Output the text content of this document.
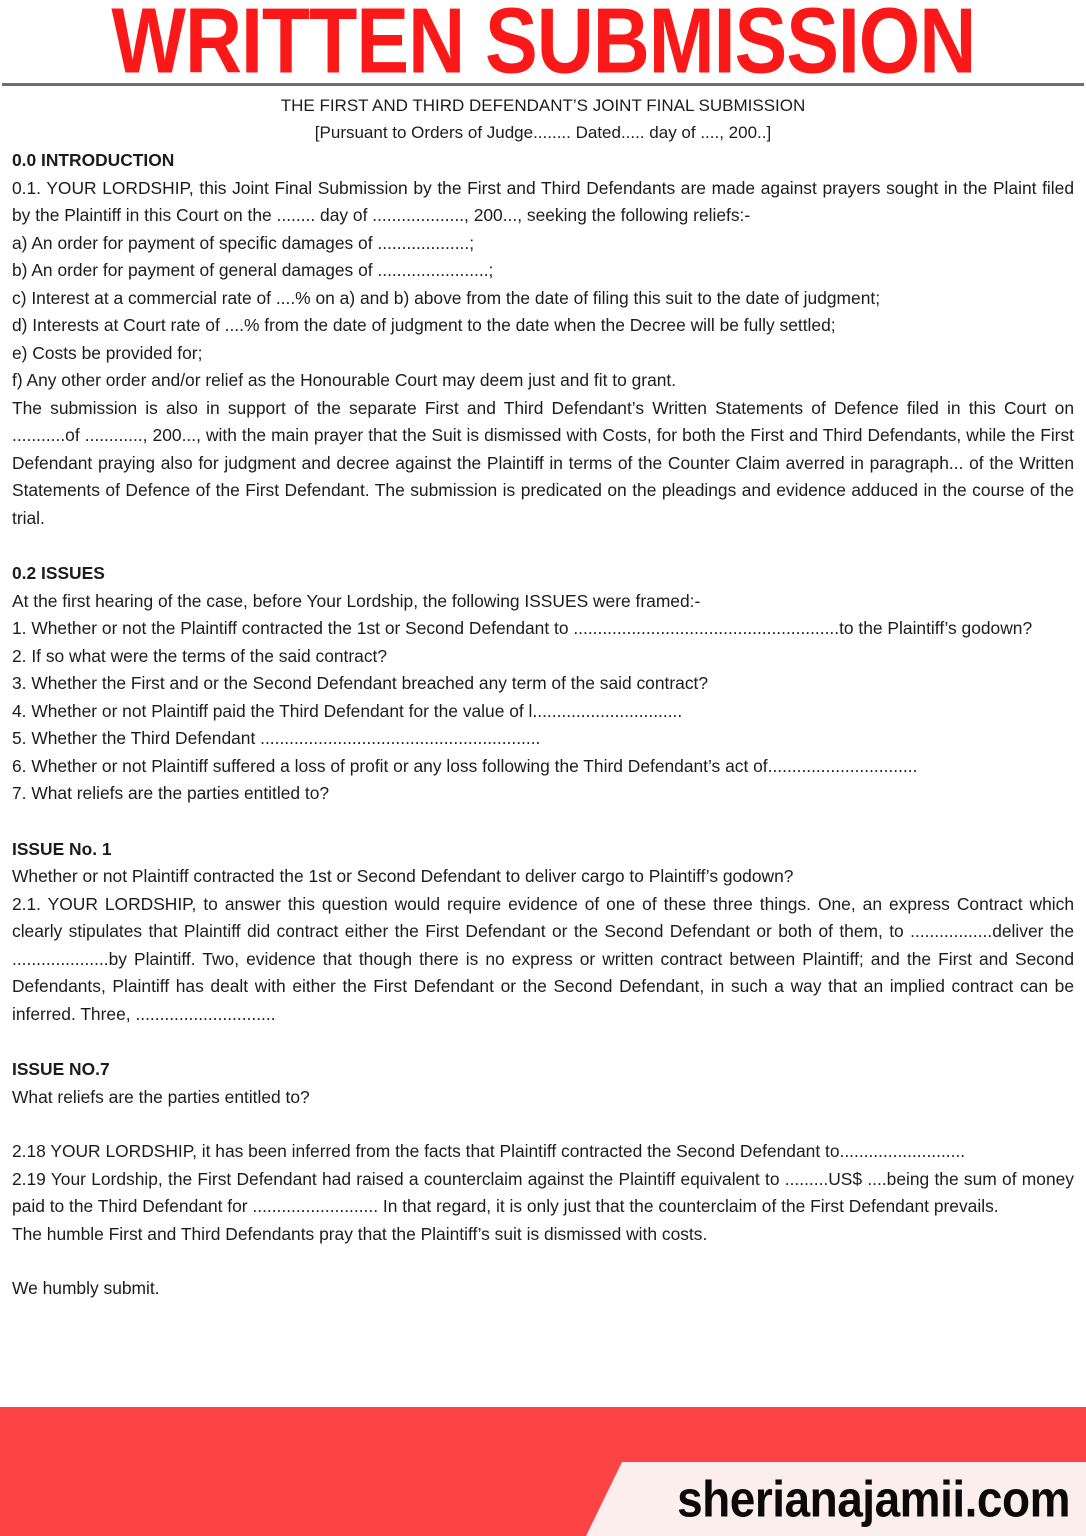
WRITTEN SUBMISSION
THE FIRST AND THIRD DEFENDANT’S JOINT FINAL SUBMISSION
[Pursuant to Orders of Judge........ Dated..... day of ...., 200..]
0.0 INTRODUCTION

0.1. YOUR LORDSHIP, this Joint Final Submission by the First and Third Defendants are made against prayers sought in the Plaint filed by the Plaintiff in this Court on the ........ day of ..................., 200..., seeking the following reliefs:-

a) An order for payment of specific damages of ...................;
b) An order for payment of general damages of .......................;
c) Interest at a commercial rate of ....% on a) and b) above from the date of filing this suit to the date of judgment;
d) Interests at Court rate of ....% from the date of judgment to the date when the Decree will be fully settled;
e) Costs be provided for;
f) Any other order and/or relief as the Honourable Court may deem just and fit to grant.

The submission is also in support of the separate First and Third Defendant’s Written Statements of Defence filed in this Court on ...........of ............, 200..., with the main prayer that the Suit is dismissed with Costs, for both the First and Third Defendants, while the First Defendant praying also for judgment and decree against the Plaintiff in terms of the Counter Claim averred in paragraph... of the Written Statements of Defence of the First Defendant. The submission is predicated on the pleadings and evidence adduced in the course of the trial.

0.2 ISSUES
At the first hearing of the case, before Your Lordship, the following ISSUES were framed:-

1. Whether or not the Plaintiff contracted the 1st or Second Defendant to .......................................................to the Plaintiff’s godown?

2. If so what were the terms of the said contract?
3. Whether the First and or the Second Defendant breached any term of the said contract?
4. Whether or not Plaintiff paid the Third Defendant for the value of l...............................
5. Whether the Third Defendant ..........................................................
6. Whether or not Plaintiff suffered a loss of profit or any loss following the Third Defendant’s act of...............................
7. What reliefs are the parties entitled to?
ISSUE No. 1
Whether or not Plaintiff contracted the 1st or Second Defendant to deliver cargo to Plaintiff’s godown?

2.1. YOUR LORDSHIP, to answer this question would require evidence of one of these three things. One, an express Contract which clearly stipulates that Plaintiff did contract either the First Defendant or the Second Defendant or both of them, to .................deliver the ....................by Plaintiff. Two, evidence that though there is no express or written contract between Plaintiff; and the First and Second Defendants, Plaintiff has dealt with either the First Defendant or the Second Defendant, in such a way that an implied contract can be inferred. Three, .............................

ISSUE NO.7
What reliefs are the parties entitled to?

2.18 YOUR LORDSHIP, it has been inferred from the facts that Plaintiff contracted the Second Defendant to..........................

2.19 Your Lordship, the First Defendant had raised a counterclaim against the Plaintiff equivalent to .........US$ ....being the sum of money paid to the Third Defendant for .......................... In that regard, it is only just that the counterclaim of the First Defendant prevails.

The humble First and Third Defendants pray that the Plaintiff’s suit is dismissed with costs.
We humbly submit.
sherianajamii.com
